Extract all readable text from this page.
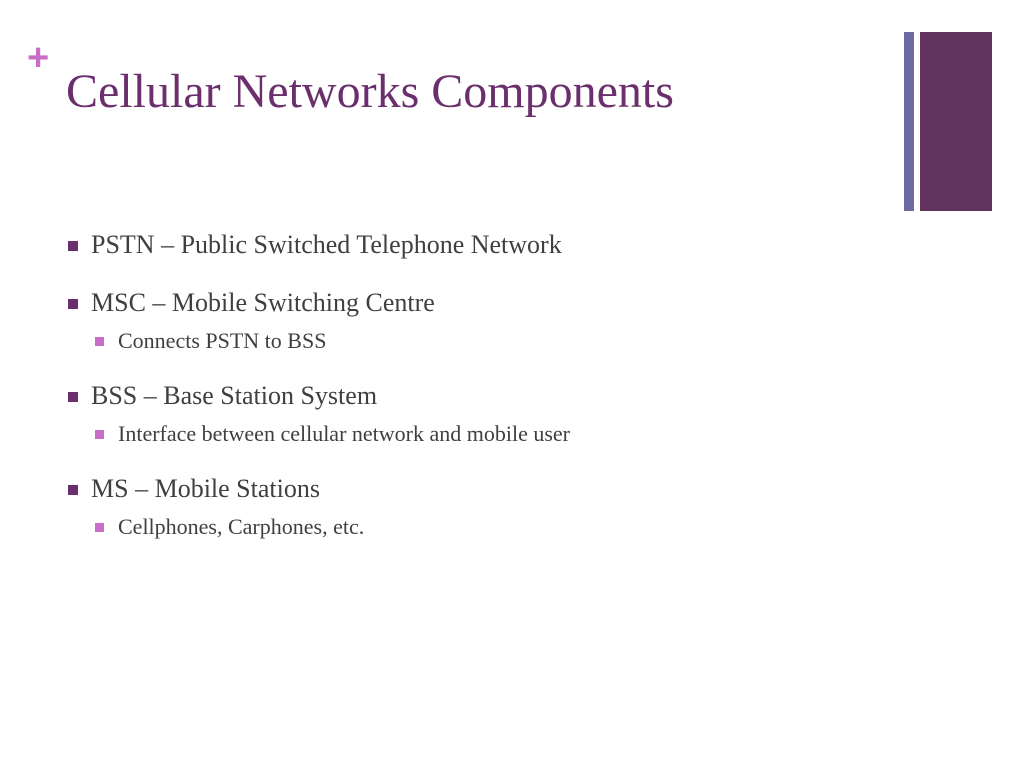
+
Cellular Networks Components
PSTN – Public Switched Telephone Network
MSC – Mobile Switching Centre
Connects PSTN to BSS
BSS – Base Station System
Interface between cellular network and mobile user
MS – Mobile Stations
Cellphones, Carphones, etc.
